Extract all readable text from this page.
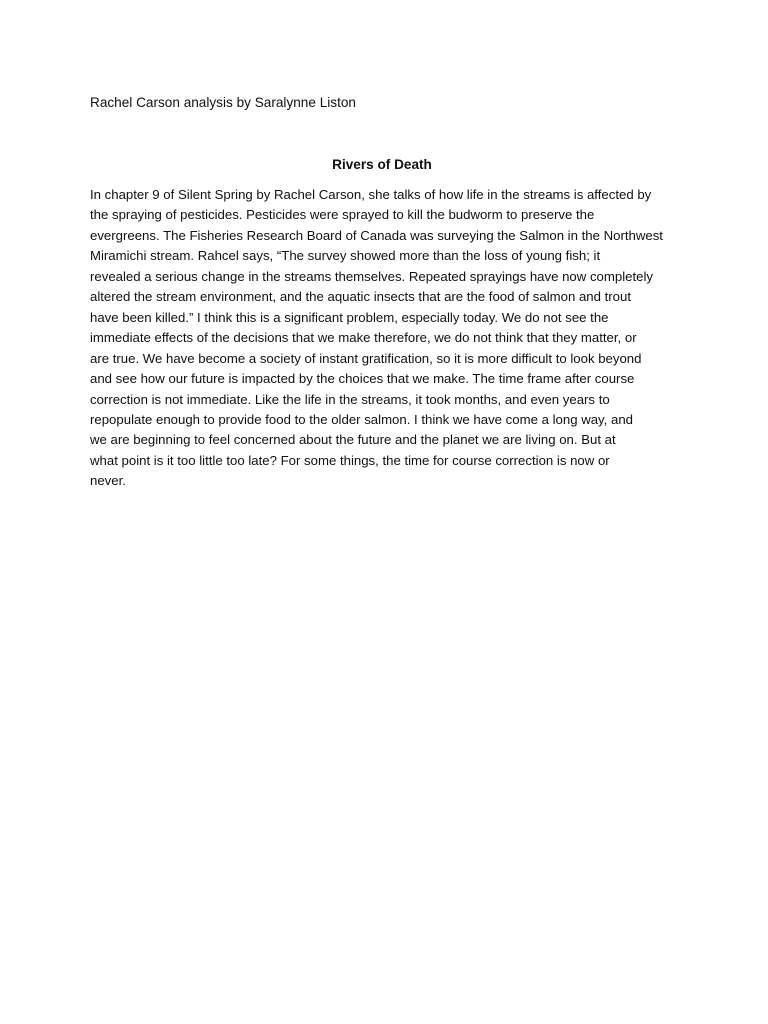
Rachel Carson analysis by Saralynne Liston
Rivers of Death
In chapter 9 of Silent Spring by Rachel Carson, she talks of how life in the streams is affected by
the spraying of pesticides. Pesticides were sprayed to kill the budworm to preserve the
evergreens. The Fisheries Research Board of Canada was surveying the Salmon in the Northwest
Miramichi stream. Rahcel says, “The survey showed more than the loss of young fish; it
revealed a serious change in the streams themselves. Repeated sprayings have now completely
altered the stream environment, and the aquatic insects that are the food of salmon and trout
have been killed.” I think this is a significant problem, especially today. We do not see the
immediate effects of the decisions that we make therefore, we do not think that they matter, or
are true. We have become a society of instant gratification, so it is more difficult to look beyond
and see how our future is impacted by the choices that we make. The time frame after course
correction is not immediate. Like the life in the streams, it took months, and even years to
repopulate enough to provide food to the older salmon. I think we have come a long way, and
we are beginning to feel concerned about the future and the planet we are living on. But at
what point is it too little too late? For some things, the time for course correction is now or
never.
